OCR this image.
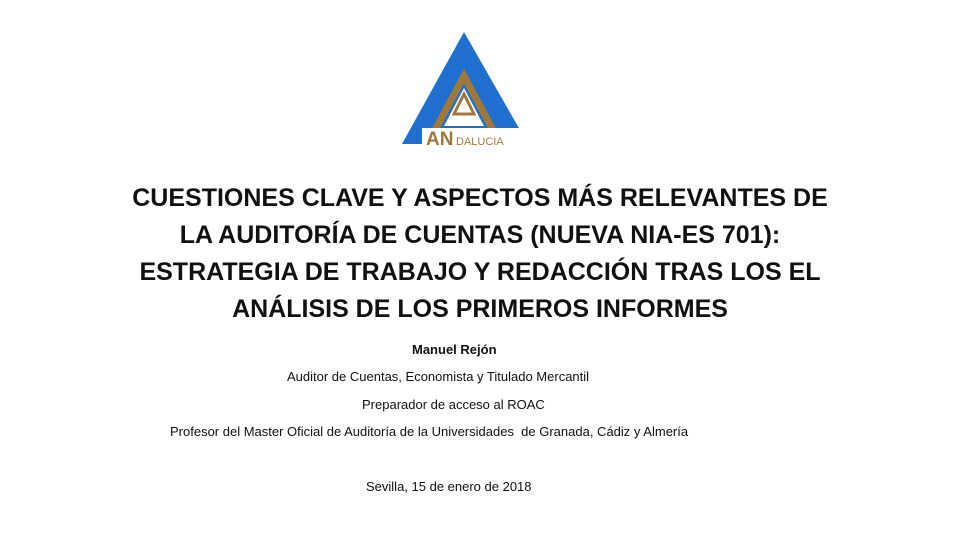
AN DALUCIA
CUESTIONES CLAVE Y ASPECTOS MÁS RELEVANTES DE
LA AUDITORÍA DE CUENTAS (NUEVA NIA-ES 701):
ESTRATEGIA DE TRABAJO Y REDACCIÓN TRAS LOS EL
ANÁLISIS DE LOS PRIMEROS INFORMES

Manuel Rejón

Auditor de Cuentas, Economista y Titulado Mercantil

Preparador de acceso al ROAC

Profesor del Master Oficial de Auditoría de la Universidades  de Granada, Cádiz y Almería

Sevilla, 15 de enero de 2018
